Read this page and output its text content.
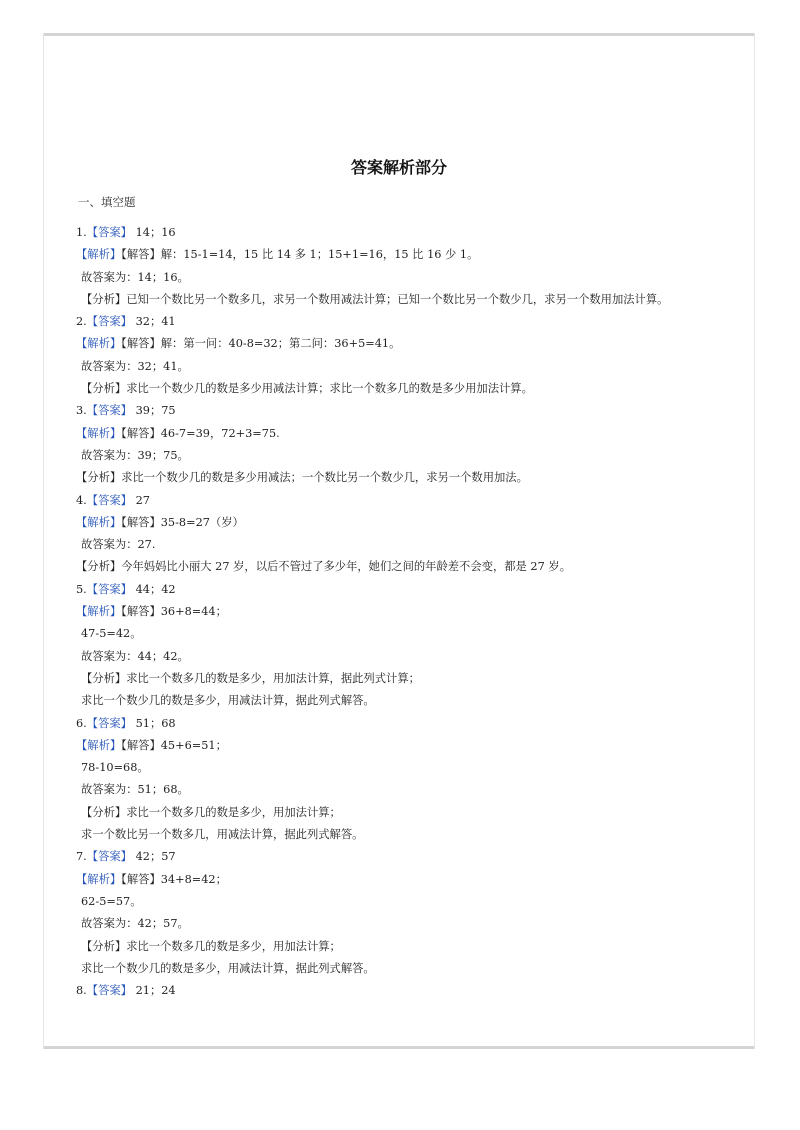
答案解析部分
一、填空题
1.【答案】 14；16
【解析】【解答】解：15-1=14，15 比 14 多 1；15+1=16，15 比 16 少 1。
故答案为：14；16。
【分析】已知一个数比另一个数多几，求另一个数用减法计算；已知一个数比另一个数少几，求另一个数用加法计算。
2.【答案】 32；41
【解析】【解答】解：第一问：40-8=32；第二问：36+5=41。
故答案为：32；41。
【分析】求比一个数少几的数是多少用减法计算；求比一个数多几的数是多少用加法计算。
3.【答案】 39；75
【解析】【解答】46-7=39，72+3=75.
故答案为：39；75。
【分析】求比一个数少几的数是多少用减法；一个数比另一个数少几，求另一个数用加法。
4.【答案】 27
【解析】【解答】35-8=27（岁）
故答案为：27.
【分析】今年妈妈比小丽大 27 岁，以后不管过了多少年，她们之间的年龄差不会变，都是 27 岁。
5.【答案】 44；42
【解析】【解答】36+8=44；
47-5=42。
故答案为：44；42。
【分析】求比一个数多几的数是多少，用加法计算，据此列式计算；
求比一个数少几的数是多少，用减法计算，据此列式解答。
6.【答案】 51；68
【解析】【解答】45+6=51；
78-10=68。
故答案为：51；68。
【分析】求比一个数多几的数是多少，用加法计算；
求一个数比另一个数多几，用减法计算，据此列式解答。
7.【答案】 42；57
【解析】【解答】34+8=42；
62-5=57。
故答案为：42；57。
【分析】求比一个数多几的数是多少，用加法计算；
求比一个数少几的数是多少，用减法计算，据此列式解答。
8.【答案】 21；24
